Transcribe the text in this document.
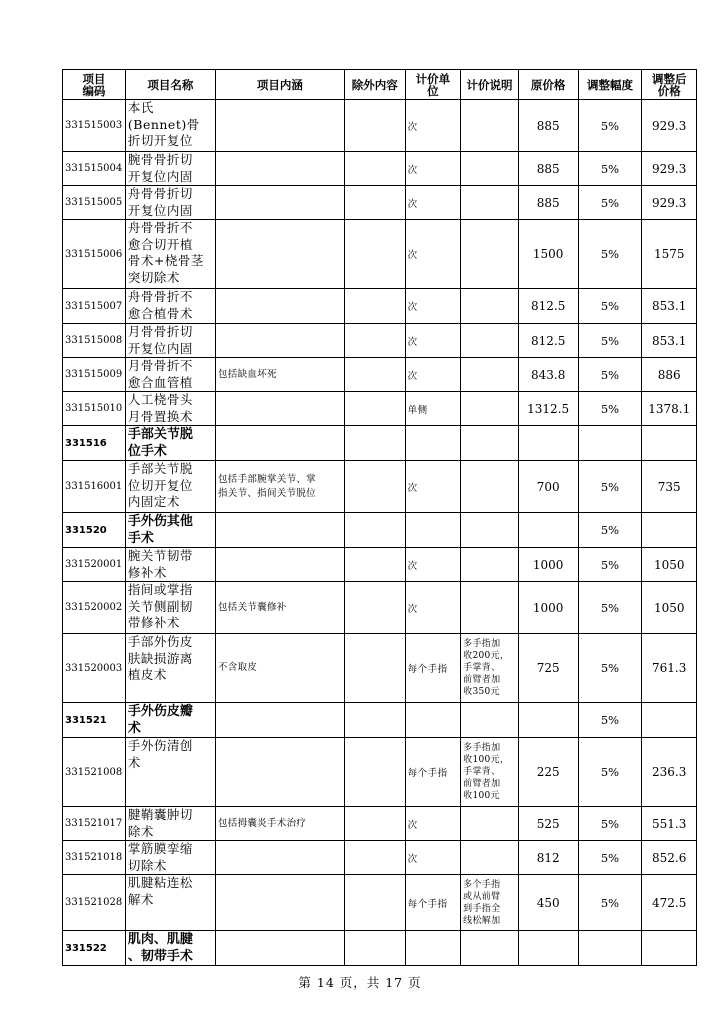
项目
编码	项目名称	项目内涵	除外内容	计价单
位	计价说明	原价格	调整幅度	调整后
价格
331515003	本氏
(Bennet)骨
折切开复位			次		885	5%	929.3
331515004	腕骨骨折切
开复位内固			次		885	5%	929.3
331515005	舟骨骨折切
开复位内固			次		885	5%	929.3
331515006	舟骨骨折不
愈合切开植
骨术+桡骨茎
突切除术			次		1500	5%	1575
331515007	舟骨骨折不
愈合植骨术			次		812.5	5%	853.1
331515008	月骨骨折切
开复位内固			次		812.5	5%	853.1
331515009	月骨骨折不
愈合血管植	包括缺血坏死		次		843.8	5%	886
331515010	人工桡骨头
月骨置换术			单侧		1312.5	5%	1378.1
331516	手部关节脱
位手术							
331516001	手部关节脱
位切开复位
内固定术	包括手部腕掌关节、掌
指关节、指间关节脱位		次		700	5%	735
331520	手外伤其他
手术						5%	
331520001	腕关节韧带
修补术			次		1000	5%	1050
331520002	指间或掌指
关节侧副韧
带修补术	包括关节囊修补		次		1000	5%	1050
331520003	手部外伤皮
肤缺损游离
植皮术	不含取皮		每个手指	多手指加
收200元，
手掌背、
前臂者加
收350元	725	5%	761.3
331521	手外伤皮瓣
术						5%	
331521008	手外伤清创
术			每个手指	多手指加
收100元，
手掌背、
前臂者加
收100元	225	5%	236.3
331521017	腱鞘囊肿切
除术	包括拇囊炎手术治疗		次		525	5%	551.3
331521018	掌筋膜挛缩
切除术			次		812	5%	852.6
331521028	肌腱粘连松
解术			每个手指	多个手指
或从前臂
到手指全
线松解加	450	5%	472.5
331522	肌肉、肌腱
、韧带手术							
第 14 页，共 17 页
